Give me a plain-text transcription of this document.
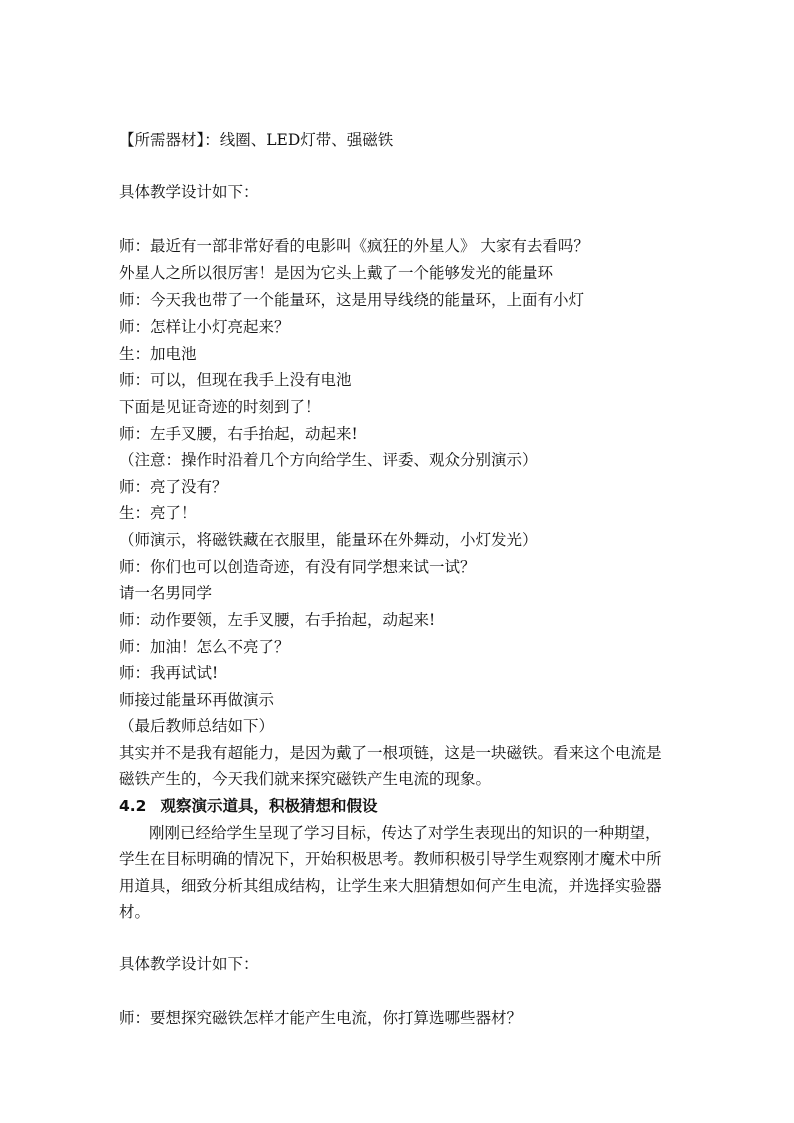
【所需器材】：线圈、LED灯带、强磁铁
具体教学设计如下：
师：最近有一部非常好看的电影叫《疯狂的外星人》 大家有去看吗？
外星人之所以很厉害！是因为它头上戴了一个能够发光的能量环
师：今天我也带了一个能量环，这是用导线绕的能量环，上面有小灯
师：怎样让小灯亮起来？
生：加电池
师：可以，但现在我手上没有电池
下面是见证奇迹的时刻到了！
师：左手叉腰，右手抬起，动起来!
（注意：操作时沿着几个方向给学生、评委、观众分别演示）
师：亮了没有？
生：亮了！
（师演示，将磁铁藏在衣服里，能量环在外舞动，小灯发光）
师：你们也可以创造奇迹，有没有同学想来试一试？
请一名男同学
师：动作要领，左手叉腰，右手抬起，动起来!
师：加油！怎么不亮了？
师：我再试试!
师接过能量环再做演示
（最后教师总结如下）
其实并不是我有超能力，是因为戴了一根项链，这是一块磁铁。看来这个电流是
磁铁产生的，今天我们就来探究磁铁产生电流的现象。
4.2 观察演示道具，积极猜想和假设
刚刚已经给学生呈现了学习目标，传达了对学生表现出的知识的一种期望，
学生在目标明确的情况下，开始积极思考。教师积极引导学生观察刚才魔术中所
用道具，细致分析其组成结构，让学生来大胆猜想如何产生电流，并选择实验器
材。
具体教学设计如下：
师：要想探究磁铁怎样才能产生电流，你打算选哪些器材？
